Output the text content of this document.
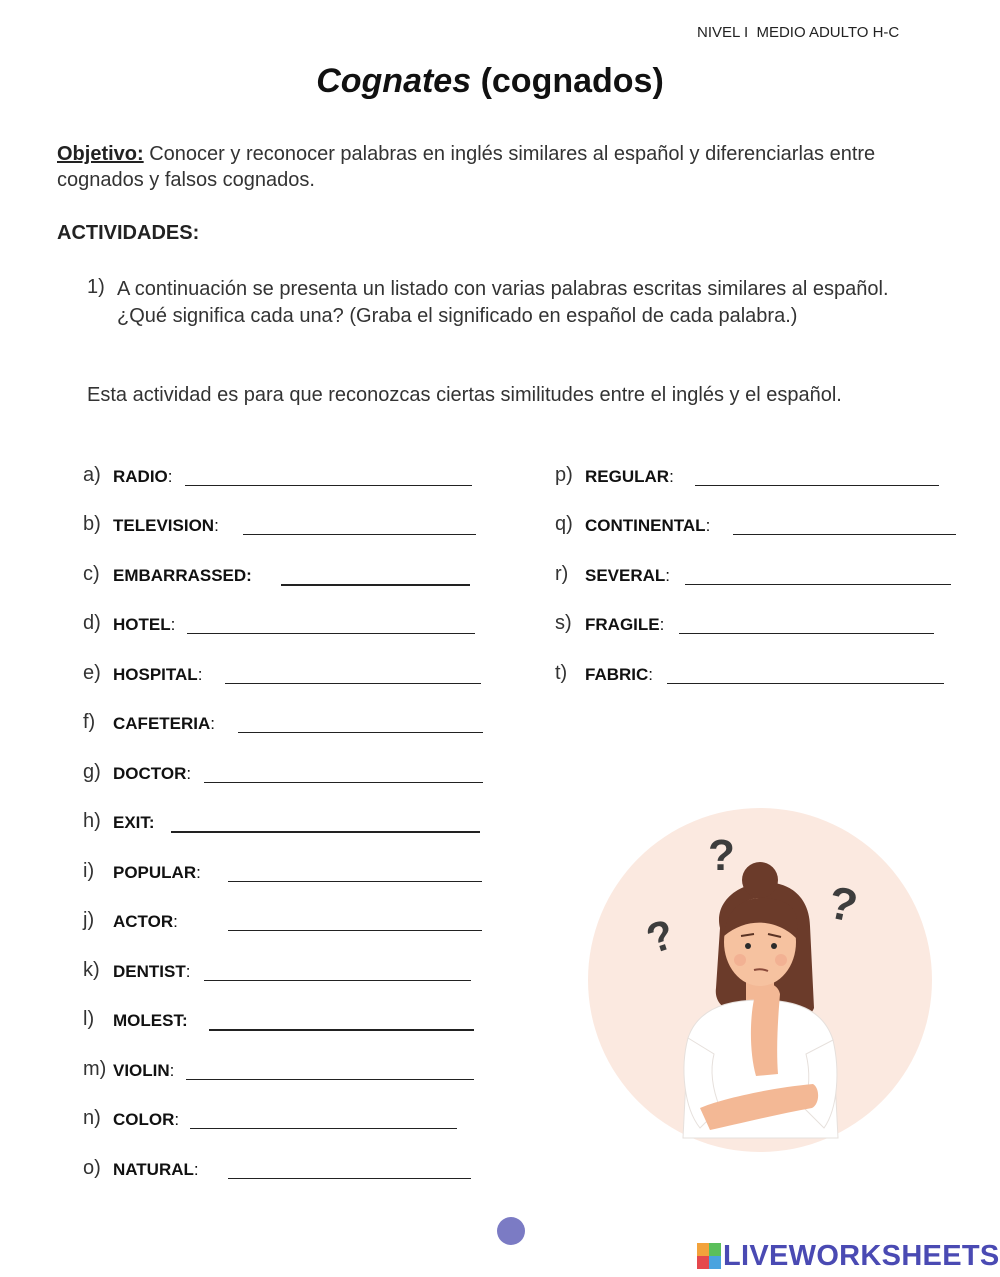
NIVEL I  MEDIO ADULTO H-C
Cognates (cognados)
Objetivo: Conocer y reconocer palabras en inglés similares al español y diferenciarlas entre cognados y falsos cognados.
ACTIVIDADES:
1) A continuación se presenta un listado con varias palabras escritas similares al español. ¿Qué significa cada una? (Graba el significado en español de cada palabra.)
Esta actividad es para que reconozcas ciertas similitudes entre el inglés y el español.
a) RADIO:
b) TELEVISION:
c) EMBARRASSED:
d) HOTEL:
e) HOSPITAL:
f) CAFETERIA:
g) DOCTOR:
h) EXIT:
i) POPULAR:
j) ACTOR:
k) DENTIST:
l) MOLEST:
m) VIOLIN:
n) COLOR:
o) NATURAL:
p) REGULAR:
q) CONTINENTAL:
r) SEVERAL:
s) FRAGILE:
t) FABRIC:
?
?
?
LIVEWORKSHEETS
